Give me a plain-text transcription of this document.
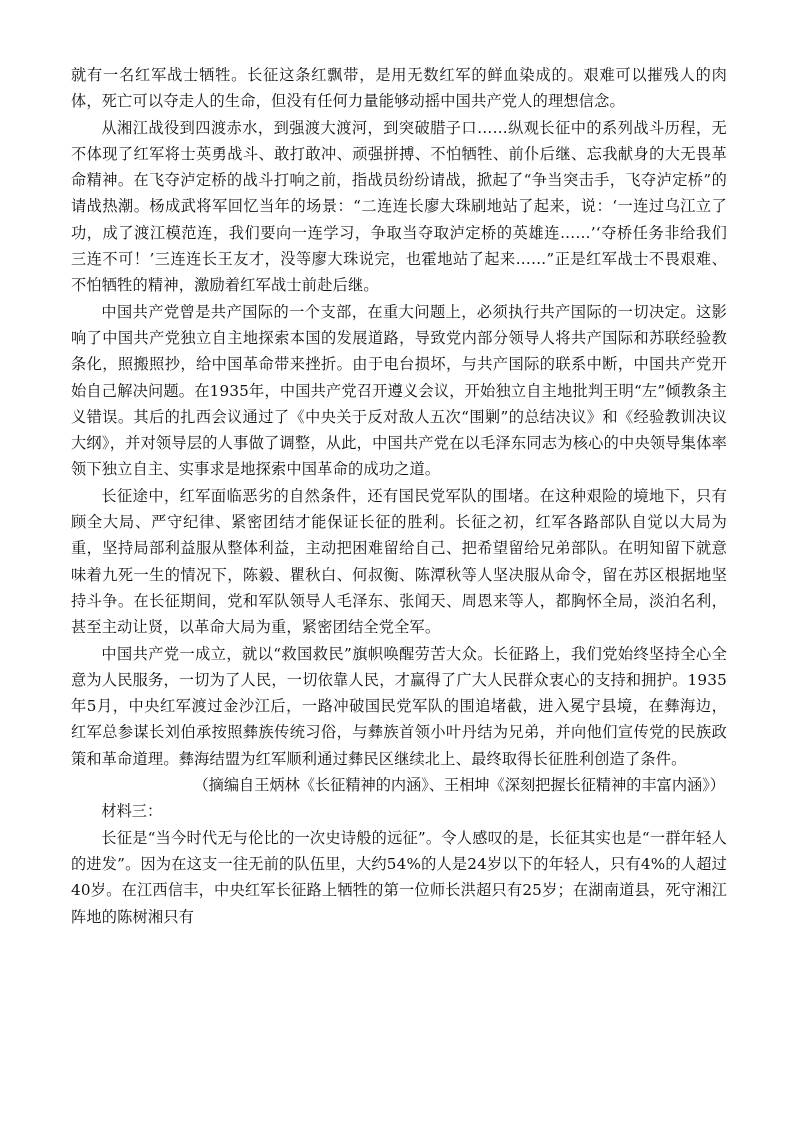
就有一名红军战士牺牲。长征这条红飘带，是用无数红军的鲜血染成的。艰难可以摧残人的肉体，死亡可以夺走人的生命，但没有任何力量能够动摇中国共产党人的理想信念。

从湘江战役到四渡赤水，到强渡大渡河，到突破腊子口……纵观长征中的系列战斗历程，无不体现了红军将士英勇战斗、敢打敢冲、顽强拼搏、不怕牺牲、前仆后继、忘我献身的大无畏革命精神。在飞夺泸定桥的战斗打响之前，指战员纷纷请战，掀起了“争当突击手，飞夺泸定桥”的请战热潮。杨成武将军回忆当年的场景：“二连连长廖大珠刷地站了起来，说：‘一连过乌江立了功，成了渡江模范连，我们要向一连学习，争取当夺取泸定桥的英雄连……’‘夺桥任务非给我们三连不可！’三连连长王友才，没等廖大珠说完，也霍地站了起来……”正是红军战士不畏艰难、不怕牺牲的精神，激励着红军战士前赴后继。

中国共产党曾是共产国际的一个支部，在重大问题上，必须执行共产国际的一切决定。这影响了中国共产党独立自主地探索本国的发展道路，导致党内部分领导人将共产国际和苏联经验教条化，照搬照抄，给中国革命带来挫折。由于电台损坏，与共产国际的联系中断，中国共产党开始自己解决问题。在1935年，中国共产党召开遵义会议，开始独立自主地批判王明“左”倾教条主义错误。其后的扎西会议通过了《中央关于反对敌人五次“围剿”的总结决议》和《经验教训决议大纲》，并对领导层的人事做了调整，从此，中国共产党在以毛泽东同志为核心的中央领导集体率领下独立自主、实事求是地探索中国革命的成功之道。

长征途中，红军面临恶劣的自然条件，还有国民党军队的围堵。在这种艰险的境地下，只有顾全大局、严守纪律、紧密团结才能保证长征的胜利。长征之初，红军各路部队自觉以大局为重，坚持局部利益服从整体利益，主动把困难留给自己、把希望留给兄弟部队。在明知留下就意味着九死一生的情况下，陈毅、瞿秋白、何叔衡、陈潭秋等人坚决服从命令，留在苏区根据地坚持斗争。在长征期间，党和军队领导人毛泽东、张闻天、周恩来等人，都胸怀全局，淡泊名利，甚至主动让贤，以革命大局为重，紧密团结全党全军。

中国共产党一成立，就以“救国救民”旗帜唤醒劳苦大众。长征路上，我们党始终坚持全心全意为人民服务，一切为了人民，一切依靠人民，才赢得了广大人民群众衷心的支持和拥护。1935年5月，中央红军渡过金沙江后，一路冲破国民党军队的围追堵截，进入冕宁县境，在彝海边，红军总参谋长刘伯承按照彝族传统习俗，与彝族首领小叶丹结为兄弟，并向他们宣传党的民族政策和革命道理。彝海结盟为红军顺利通过彝民区继续北上、最终取得长征胜利创造了条件。

（摘编自王炳林《长征精神的内涵》、王相坤《深刻把握长征精神的丰富内涵》）

材料三：

长征是“当今时代无与伦比的一次史诗般的远征”。令人感叹的是，长征其实也是“一群年轻人的进发”。因为在这支一往无前的队伍里，大约54%的人是24岁以下的年轻人，只有4%的人超过40岁。在江西信丰，中央红军长征路上牺牲的第一位师长洪超只有25岁；在湖南道县，死守湘江阵地的陈树湘只有
